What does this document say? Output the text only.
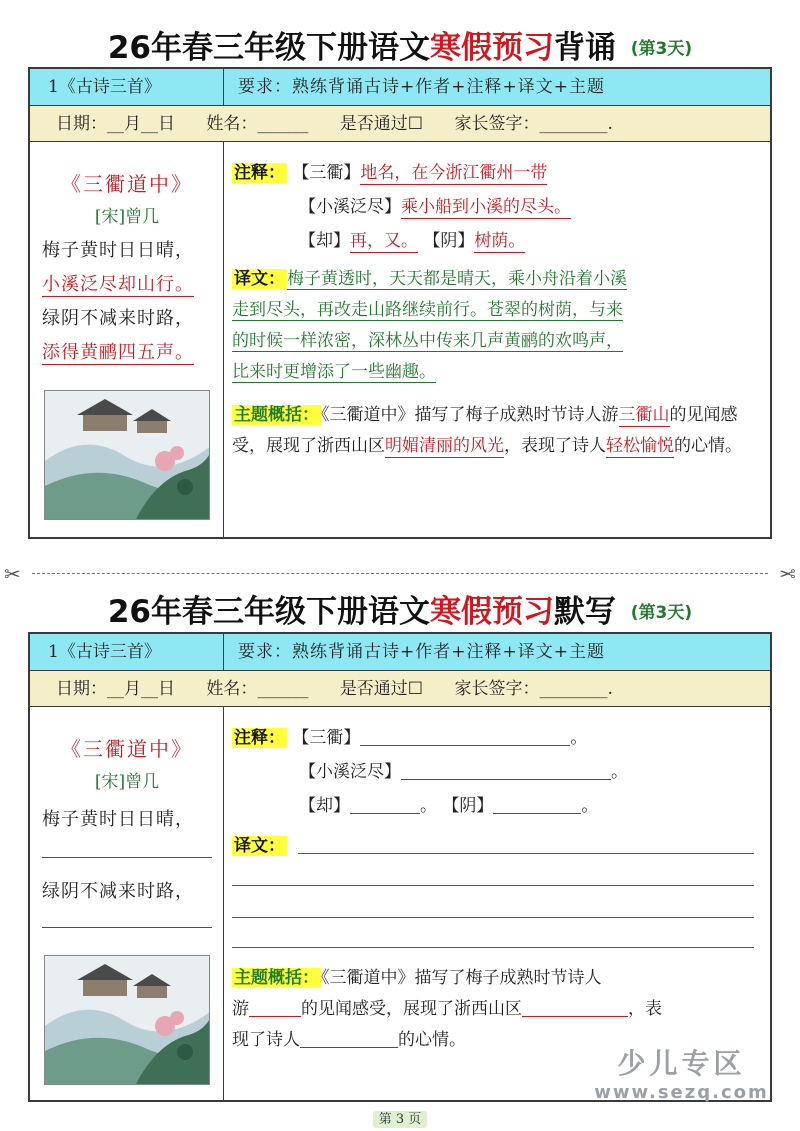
26年春三年级下册语文寒假预习背诵 (第3天)
1《古诗三首》	要求：熟练背诵古诗+作者+注释+译文+主题
日期：__月__日 姓名：______ 是否通过☐ 家长签字：________.
《三衢道中》
[宋]曾几
梅子黄时日日晴，
小溪泛尽却山行。
绿阴不减来时路，
添得黄鹂四五声。
注释： 【三衢】地名，在今浙江衢州一带
【小溪泛尽】乘小船到小溪的尽头。
【却】再，又。 【阴】树荫。
译文： 梅子黄透时，天天都是晴天，乘小舟沿着小溪
走到尽头，再改走山路继续前行。苍翠的树荫，与来
的时候一样浓密，深林丛中传来几声黄鹂的欢鸣声，
比来时更增添了一些幽趣。
主题概括： 《三衢道中》描写了梅子成熟时节诗人游三衢山的见闻感受，展现了浙西山区明媚清丽的风光，表现了诗人轻松愉悦的心情。
✂	✂
26年春三年级下册语文寒假预习默写 (第3天)
1《古诗三首》	要求：熟练背诵古诗+作者+注释+译文+主题
日期：__月__日 姓名：______ 是否通过☐ 家长签字：________.
《三衢道中》
[宋]曾几
梅子黄时日日晴，
绿阴不减来时路，
注释： 【三衢】	。
【小溪泛尽】	。
【却】	。 【阴】	。
译文：
主题概括： 《三衢道中》描写了梅子成熟时节诗人
游	的见闻感受，展现了浙西山区	，表
现了诗人	的心情。
少儿专区
www.sezq.com
第 3 页
